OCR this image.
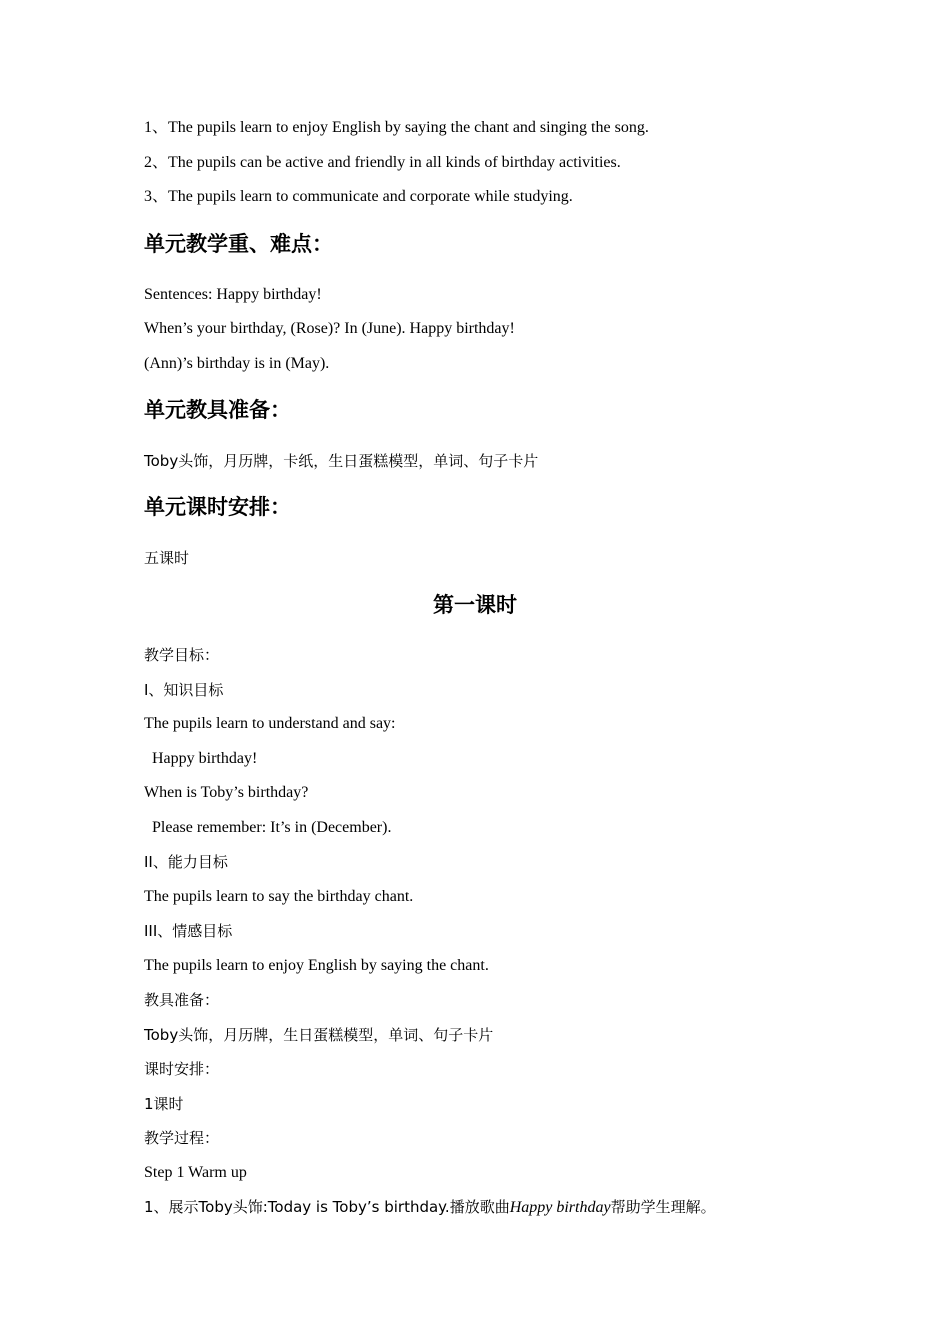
1、The pupils learn to enjoy English by saying the chant and singing the song.
2、The pupils can be active and friendly in all kinds of birthday activities.
3、The pupils learn to communicate and corporate while studying.
单元教学重、难点：
Sentences: Happy birthday!
When’s your birthday, (Rose)? In (June). Happy birthday!
(Ann)’s birthday is in (May).
单元教具准备：
Toby头饰，月历牌，卡纸，生日蛋糕模型，单词、句子卡片
单元课时安排：
五课时
第一课时
教学目标：
I、知识目标
The pupils learn to understand and say:
Happy birthday!
When is Toby’s birthday?
Please remember: It’s in (December).
II、能力目标
The pupils learn to say the birthday chant.
III、情感目标
The pupils learn to enjoy English by saying the chant.
教具准备：
Toby头饰，月历牌，生日蛋糕模型，单词、句子卡片
课时安排：
1课时
教学过程：
Step 1 Warm up
1、展示Toby头饰:Today is Toby’s birthday.播放歌曲Happy birthday帮助学生理解。
